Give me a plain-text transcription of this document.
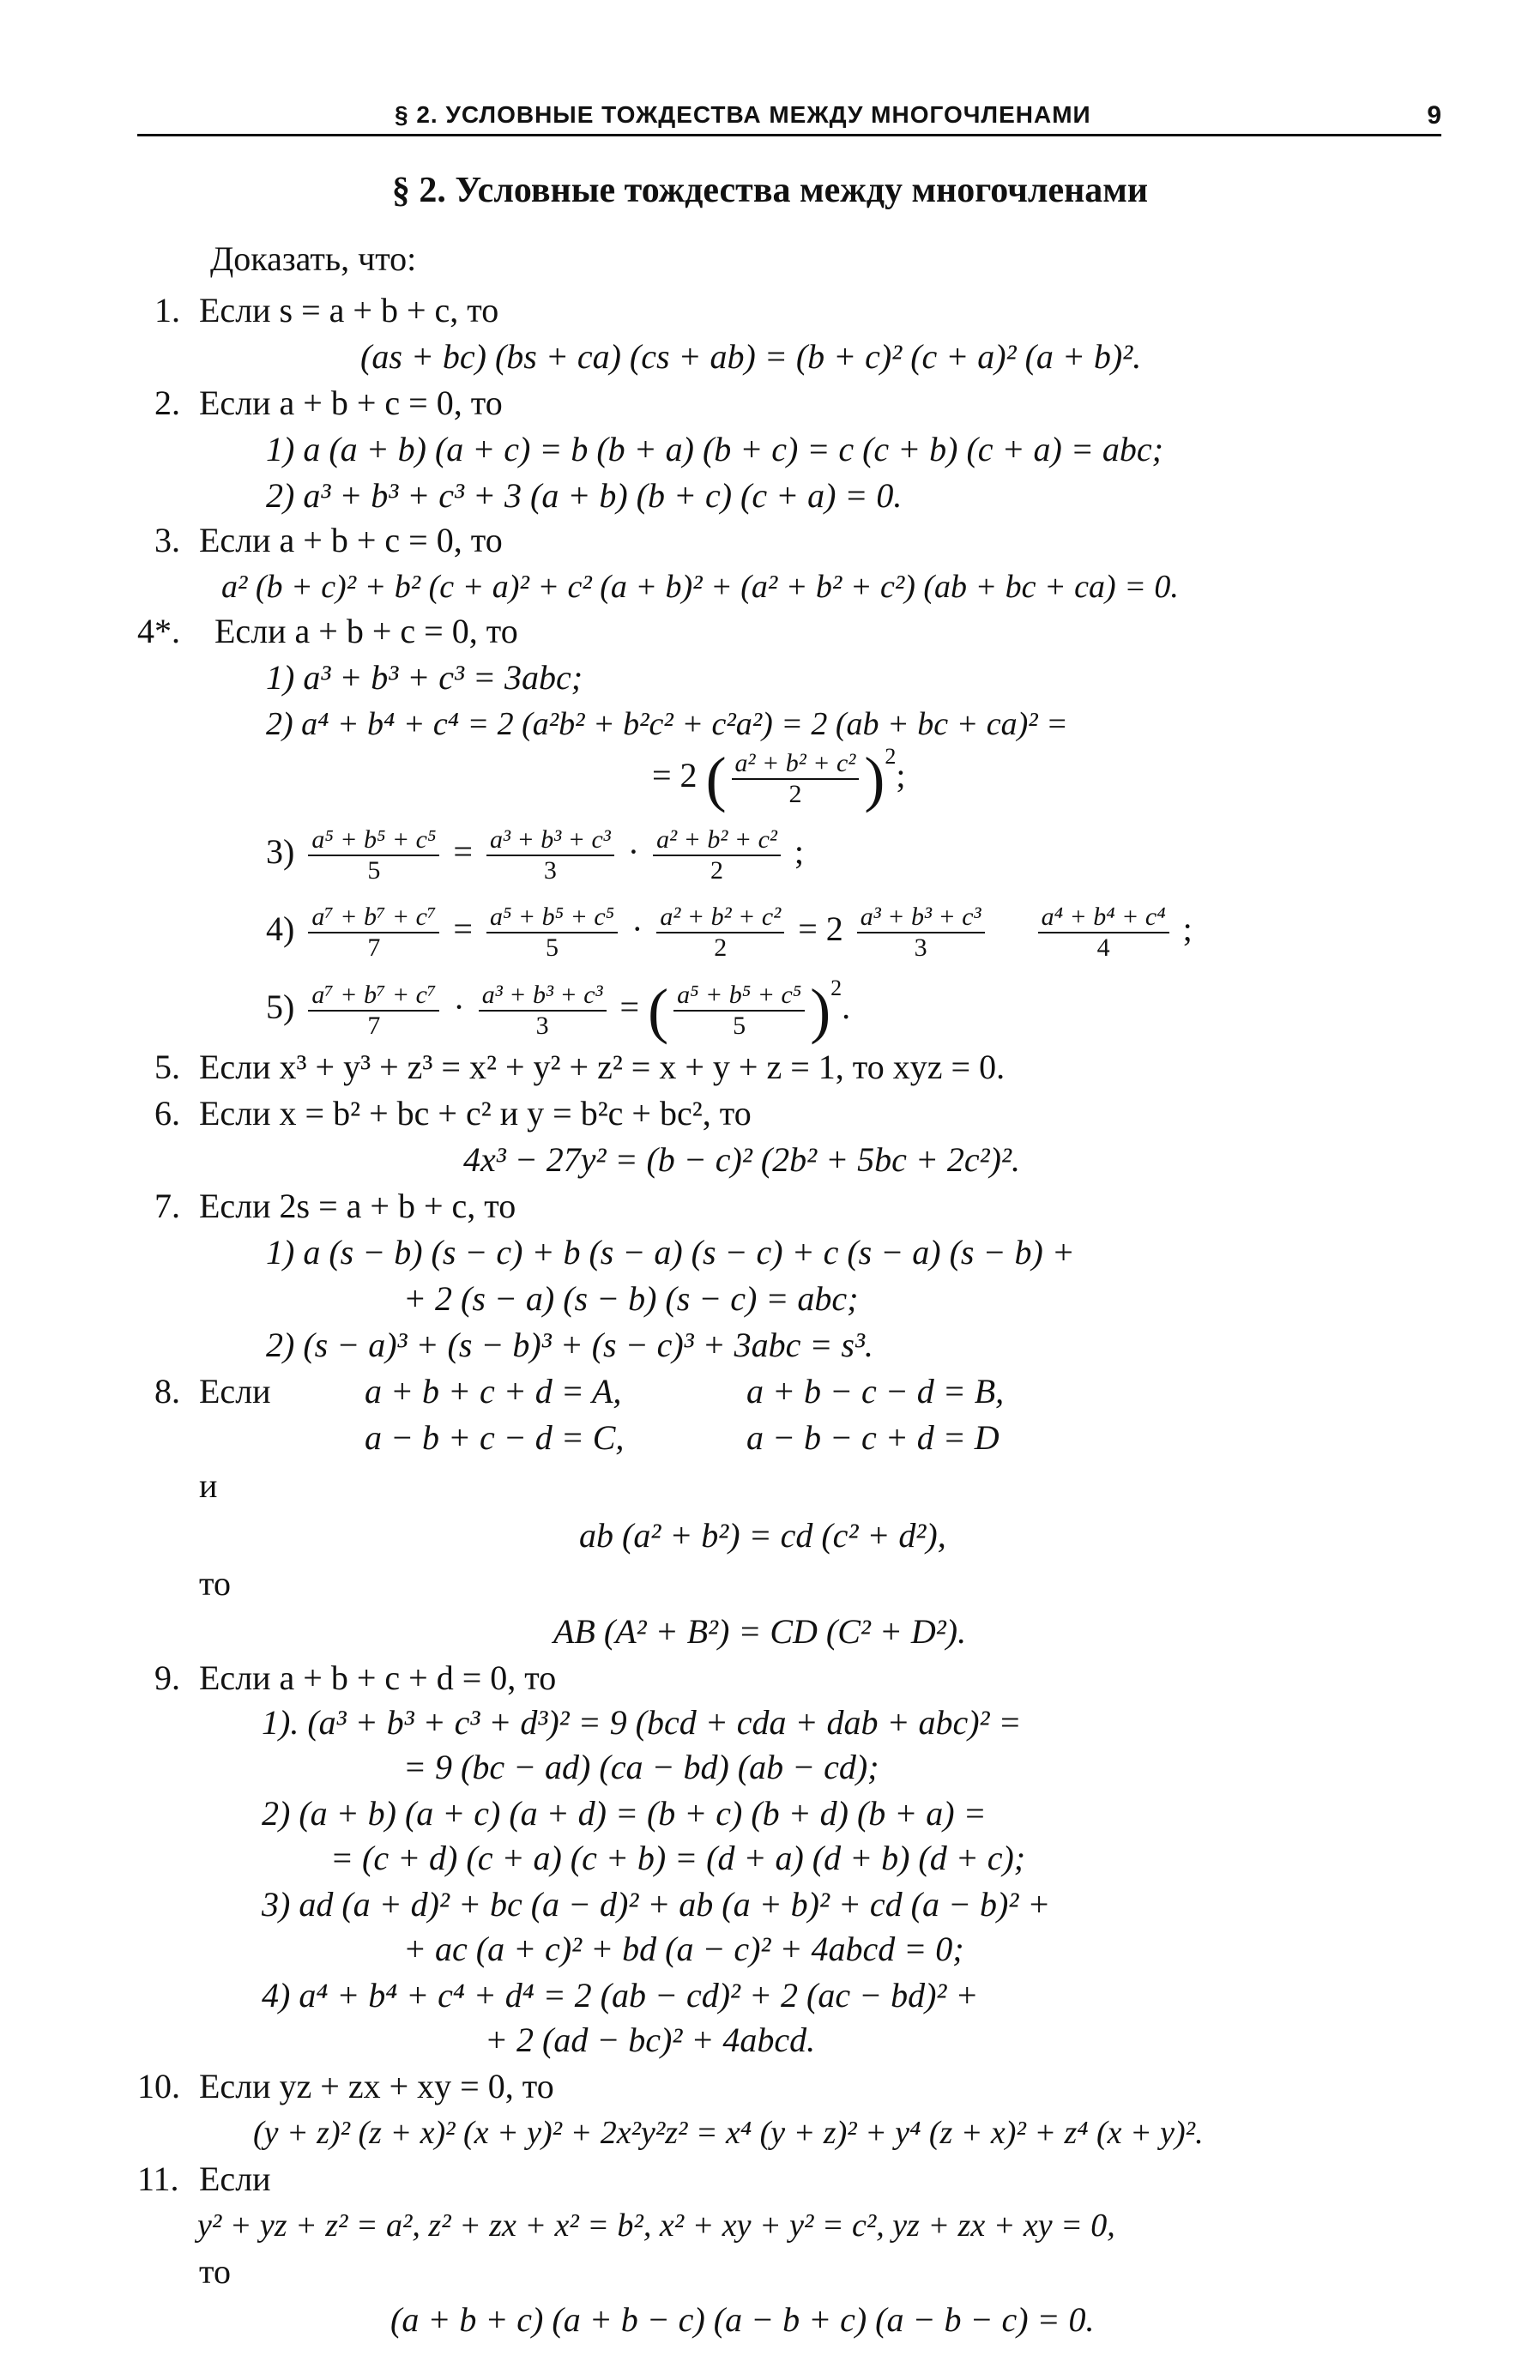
§ 2. УСЛОВНЫЕ ТОЖДЕСТВА МЕЖДУ МНОГОЧЛЕНАМИ	9
§ 2. Условные тождества между многочленами
Доказать, что:
1. Если s = a + b + c, то
(as + bc) (bs + ca) (cs + ab) = (b + c)² (c + a)² (a + b)².
2. Если a + b + c = 0, то
1) a (a + b) (a + c) = b (b + a) (b + c) = c (c + b) (c + a) = abc;
2) a³ + b³ + c³ + 3 (a + b) (b + c) (c + a) = 0.
3. Если a + b + c = 0, то
a² (b + c)² + b² (c + a)² + c² (a + b)² + (a² + b² + c²) (ab + bc + ca) = 0.
4*. Если a + b + c = 0, то
1) a³ + b³ + c³ = 3abc;
2) a⁴ + b⁴ + c⁴ = 2 (a²b² + b²c² + c²a²) = 2 (ab + bc + ca)² =
= 2 ( $\frac{\text{a² + b² + c²}}{2} )^2$;
$3) \frac{\text{a⁵ + b⁵ + c⁵}}{5} = \frac{\text{a³ + b³ + c³}}{3} \cdot \frac{\text{a² + b² + c²}}{2}$ ;
$4) \frac{\text{a⁷ + b⁷ + c⁷}}{7} = \frac{\text{a⁵ + b⁵ + c⁵}}{5} \cdot \frac{\text{a² + b² + c²}}{2} = 2 \frac{\text{a³ + b³ + c³}}{3}$
$\frac{\text{a⁴ + b⁴ + c⁴}}{4}$ ;
$5) \frac{\text{a⁷ + b⁷ + c⁷}}{7} \cdot \frac{\text{a³ + b³ + c³}}{3}$ = ( $\frac{\text{a⁵ + b⁵ + c⁵}}{5} )^2$.
5. Если x³ + y³ + z³ = x² + y² + z² = x + y + z = 1, то xyz = 0.
6. Если x = b² + bc + c² и y = b²c + bc², то
4x³ − 27y² = (b − c)² (2b² + 5bc + 2c²)².
7. Если 2s = a + b + c, то
1) a (s − b) (s − c) + b (s − a) (s − c) + c (s − a) (s − b) +
+ 2 (s − a) (s − b) (s − c) = abc;
2) (s − a)³ + (s − b)³ + (s − c)³ + 3abc = s³.
8. Если	a + b + c + d = A,	a + b − c − d = B,
a − b + c − d = C,	a − b − c + d = D
и
ab (a² + b²) = cd (c² + d²),
то
AB (A² + B²) = CD (C² + D²).
9. Если a + b + c + d = 0, то
1). (a³ + b³ + c³ + d³)² = 9 (bcd + cda + dab + abc)² =
= 9 (bc − ad) (ca − bd) (ab − cd);
2) (a + b) (a + c) (a + d) = (b + c) (b + d) (b + a) =
= (c + d) (c + a) (c + b) = (d + a) (d + b) (d + c);
3) ad (a + d)² + bc (a − d)² + ab (a + b)² + cd (a − b)² +
+ ac (a + c)² + bd (a − c)² + 4abcd = 0;
4) a⁴ + b⁴ + c⁴ + d⁴ = 2 (ab − cd)² + 2 (ac − bd)² +
+ 2 (ad − bc)² + 4abcd.
10. Если yz + zx + xy = 0, то
(y + z)² (z + x)² (x + y)² + 2x²y²z² = x⁴ (y + z)² + y⁴ (z + x)² + z⁴ (x + y)².
11. Если
y² + yz + z² = a², z² + zx + x² = b², x² + xy + y² = c², yz + zx + xy = 0,
то
(a + b + c) (a + b − c) (a − b + c) (a − b − c) = 0.
